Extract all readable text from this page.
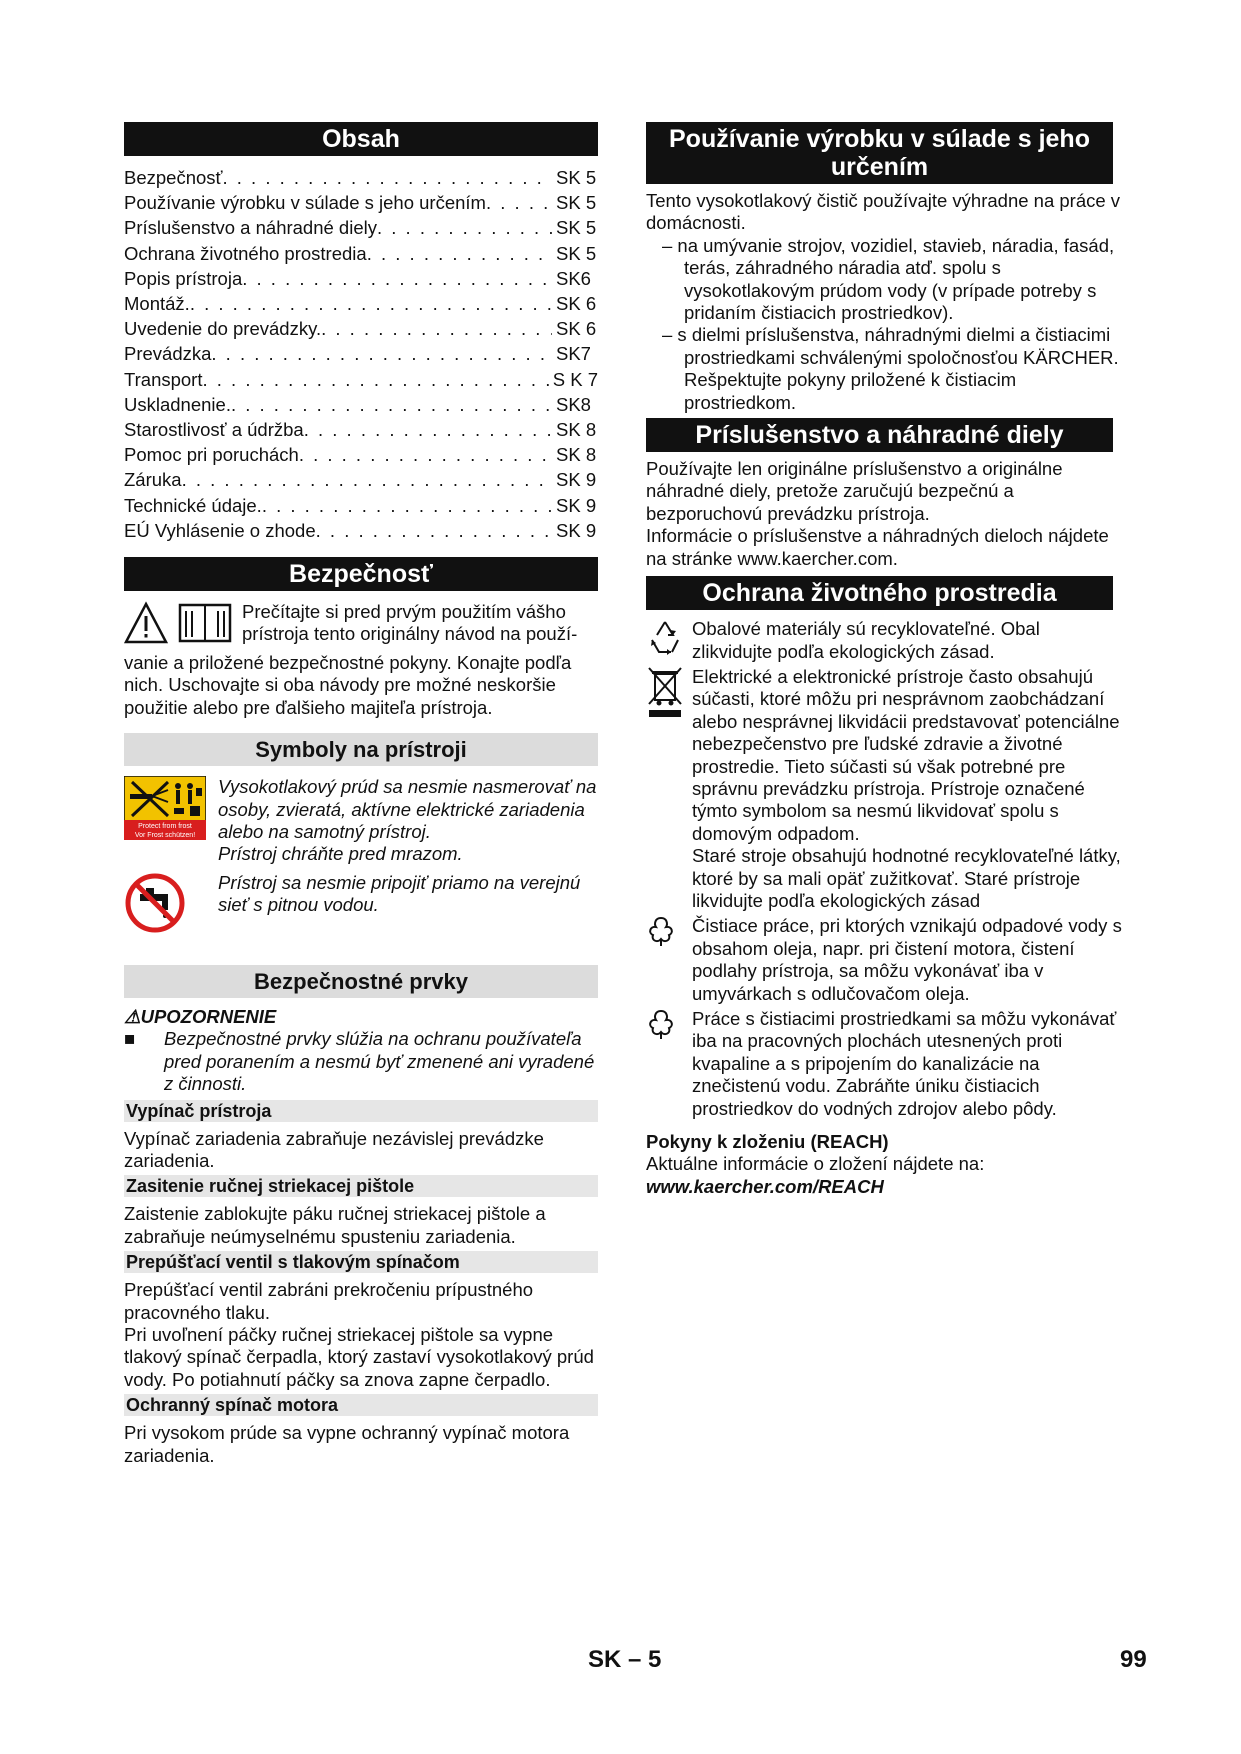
Obsah
Bezpečnosť . . .	SK 5
Používanie výrobku v súlade s jeho určením . . .	SK 5
Príslušenstvo a náhradné diely . . .	SK 5
Ochrana životného prostredia . . .	SK 5
Popis prístroja . . .	SK6
Montáž. . . .	SK 6
Uvedenie do prevádzky. . . .	SK 6
Prevádzka . . .	SK7
Transport . . .	S K 7
Uskladnenie. . . .	SK8
Starostlivosť a údržba . . .	SK 8
Pomoc pri poruchách . . .	SK 8
Záruka . . .	SK 9
Technické údaje. . . .	SK 9
EÚ Vyhlásenie o zhode . . .	SK 9
Bezpečnosť

Prečítajte si pred prvým použitím vášho

prístroja tento originálny návod na použí-

vanie a priložené bezpečnostné pokyny. Konajte podľa nich. Uschovajte si oba návody pre možné neskoršie použitie alebo pre ďalšieho majiteľa prístroja.

Symboly na prístroji
Protect from frost
Vor Frost schützen!

Vysokotlakový prúd sa nesmie nasmerovať na osoby, zvieratá, aktívne elektrické zariadenia alebo na samotný prístroj.

Prístroj chráňte pred mrazom.

Prístroj sa nesmie pripojiť priamo na verejnú sieť s pitnou vodou.

Bezpečnostné prvky

⚠UPOZORNENIE

■	Bezpečnostné prvky slúžia na ochranu používateľa pred poranením a nesmú byť zmenené ani vyradené z činnosti.
Vypínač prístroja

Vypínač zariadenia zabraňuje nezávislej prevádzke zariadenia.

Zasitenie ručnej striekacej pištole

Zaistenie zablokujte páku ručnej striekacej pištole a zabraňuje neúmyselnému spusteniu zariadenia.

Prepúšťací ventil s tlakovým spínačom

Prepúšťací ventil zabráni prekročeniu prípustného pracovného tlaku.

Pri uvoľnení páčky ručnej striekacej pištole sa vypne tlakový spínač čerpadla, ktorý zastaví vysokotlakový prúd vody. Po potiahnutí páčky sa znova zapne čerpadlo.

Ochranný spínač motora

Pri vysokom prúde sa vypne ochranný vypínač motora zariadenia.

Používanie výrobku v súlade s jeho určením

Tento vysokotlakový čistič používajte výhradne na práce v domácnosti.

– na umývanie strojov, vozidiel, stavieb, náradia, fasád, terás, záhradného náradia atď. spolu s vysokotlakovým prúdom vody (v prípade potreby s pridaním čistiacich prostriedkov).

– s dielmi príslušenstva, náhradnými dielmi a čistiacimi prostriedkami schválenými spoločnosťou KÄRCHER. Rešpektujte pokyny priložené k čistiacim prostriedkom.

Príslušenstvo a náhradné diely

Používajte len originálne príslušenstvo a originálne náhradné diely, pretože zaručujú bezpečnú a bezporuchovú prevádzku prístroja.

Informácie o príslušenstve a náhradných dieloch nájdete na stránke www.kaercher.com.

Ochrana životného prostredia

Obalové materiály sú recyklovateľné. Obal zlikvidujte podľa ekologických zásad.

Elektrické a elektronické prístroje často obsahujú súčasti, ktoré môžu pri nesprávnom zaobchádzaní alebo nesprávnej likvidácii predstavovať potenciálne nebezpečenstvo pre ľudské zdravie a životné prostredie. Tieto súčasti sú však potrebné pre správnu prevádzku prístroja. Prístroje označené týmto symbolom sa nesmú likvidovať spolu s domovým odpadom.

Staré stroje obsahujú hodnotné recyklovateľné látky, ktoré by sa mali opäť zužitkovať. Staré prístroje likvidujte podľa ekologických zásad

Čistiace práce, pri ktorých vznikajú odpadové vody s obsahom oleja, napr. pri čistení motora, čistení podlahy prístroja, sa môžu vykonávať iba v umyvárkach s odlučovačom oleja.

Práce s čistiacimi prostriedkami sa môžu vykonávať iba na pracovných plochách utesnených proti kvapaline a s pripojením do kanalizácie na znečistenú vodu. Zabráňte úniku čistiacich prostriedkov do vodných zdrojov alebo pôdy.

Pokyny k zloženiu (REACH)

Aktuálne informácie o zložení nájdete na:

www.kaercher.com/REACH

SK – 5	99
